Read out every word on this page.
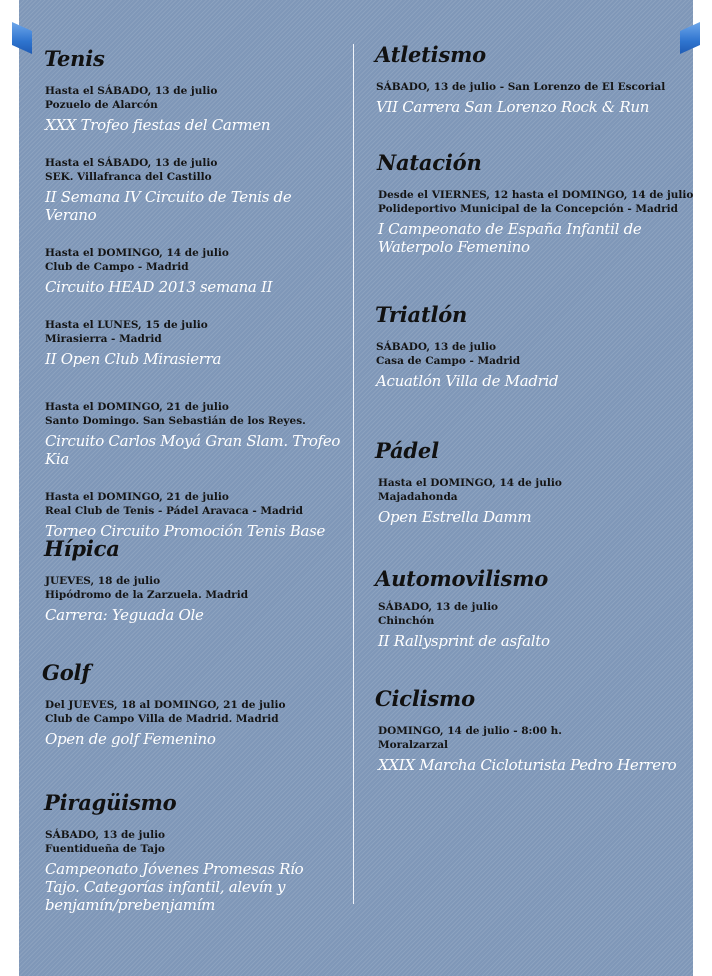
Tenis
Hasta el SÁBADO, 13 de julio
Pozuelo de Alarcón
XXX Trofeo fiestas del Carmen
Hasta el SÁBADO, 13 de julio
SEK. Villafranca del Castillo
II Semana IV Circuito de Tenis de Verano
Hasta el DOMINGO, 14 de julio
Club de Campo - Madrid
Circuito HEAD 2013 semana II
Hasta el LUNES, 15 de julio
Mirasierra - Madrid
II Open Club Mirasierra
Hasta el DOMINGO, 21 de julio
Santo Domingo. San Sebastián de los Reyes.
Circuito Carlos Moyá Gran Slam. Trofeo Kia
Hasta el DOMINGO, 21 de julio
Real Club de Tenis - Pádel Aravaca - Madrid
Torneo Circuito Promoción Tenis Base
Hípica
JUEVES, 18 de julio
Hipódromo de la Zarzuela. Madrid
Carrera: Yeguada Ole
Golf
Del JUEVES, 18 al DOMINGO, 21 de julio
Club de Campo Villa de Madrid. Madrid
Open de golf Femenino
Piragüismo
SÁBADO, 13 de julio
Fuentidueña de Tajo
Campeonato Jóvenes Promesas Río Tajo. Categorías infantil, alevín y benjamín/prebenjamím
Atletismo
SÁBADO, 13 de julio - San Lorenzo de El Escorial
VII Carrera San Lorenzo Rock & Run
Natación
Desde el VIERNES, 12 hasta el DOMINGO, 14 de julio
Polideportivo Municipal de la Concepción - Madrid
I Campeonato de España Infantil de Waterpolo Femenino
Triatlón
SÁBADO, 13 de julio
Casa de Campo - Madrid
Acuatlón Villa de Madrid
Pádel
Hasta el DOMINGO, 14 de julio
Majadahonda
Open Estrella Damm
Automovilismo
SÁBADO, 13 de julio
Chinchón
II Rallysprint de asfalto
Ciclismo
DOMINGO, 14 de julio - 8:00 h.
Moralzarzal
XXIX Marcha Cicloturista Pedro Herrero
